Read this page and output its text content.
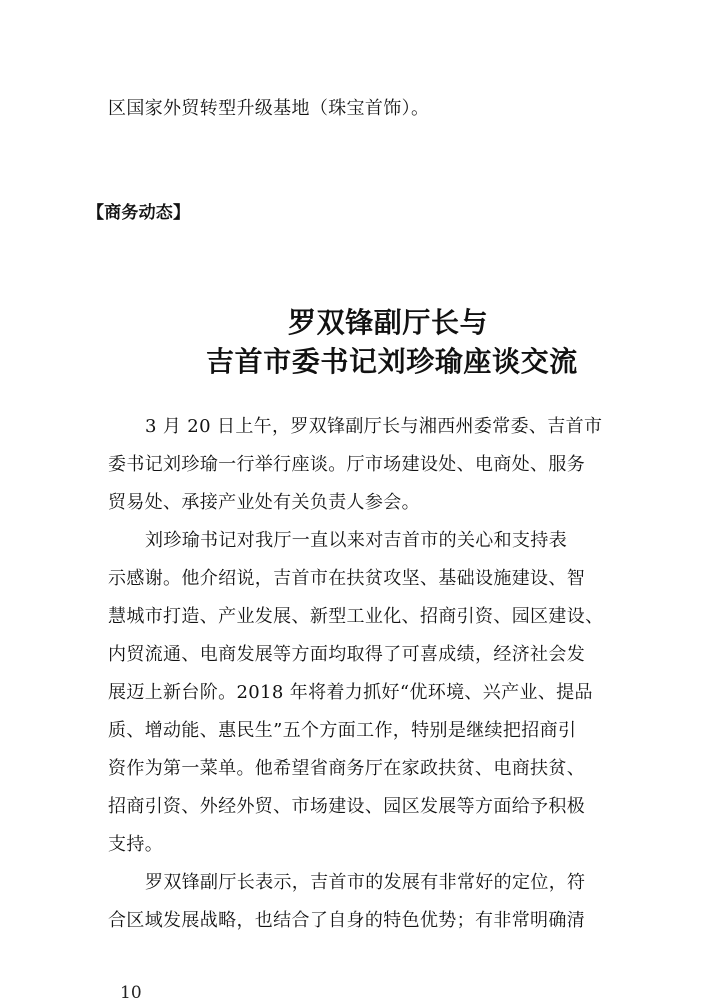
区国家外贸转型升级基地（珠宝首饰）。
【商务动态】
罗双锋副厅长与
吉首市委书记刘珍瑜座谈交流
3 月 20 日上午，罗双锋副厅长与湘西州委常委、吉首市
委书记刘珍瑜一行举行座谈。厅市场建设处、电商处、服务
贸易处、承接产业处有关负责人参会。
刘珍瑜书记对我厅一直以来对吉首市的关心和支持表
示感谢。他介绍说，吉首市在扶贫攻坚、基础设施建设、智
慧城市打造、产业发展、新型工业化、招商引资、园区建设、
内贸流通、电商发展等方面均取得了可喜成绩，经济社会发
展迈上新台阶。2018 年将着力抓好“优环境、兴产业、提品
质、增动能、惠民生”五个方面工作，特别是继续把招商引
资作为第一菜单。他希望省商务厅在家政扶贫、电商扶贫、
招商引资、外经外贸、市场建设、园区发展等方面给予积极
支持。
罗双锋副厅长表示，吉首市的发展有非常好的定位，符
合区域发展战略，也结合了自身的特色优势；有非常明确清
10
